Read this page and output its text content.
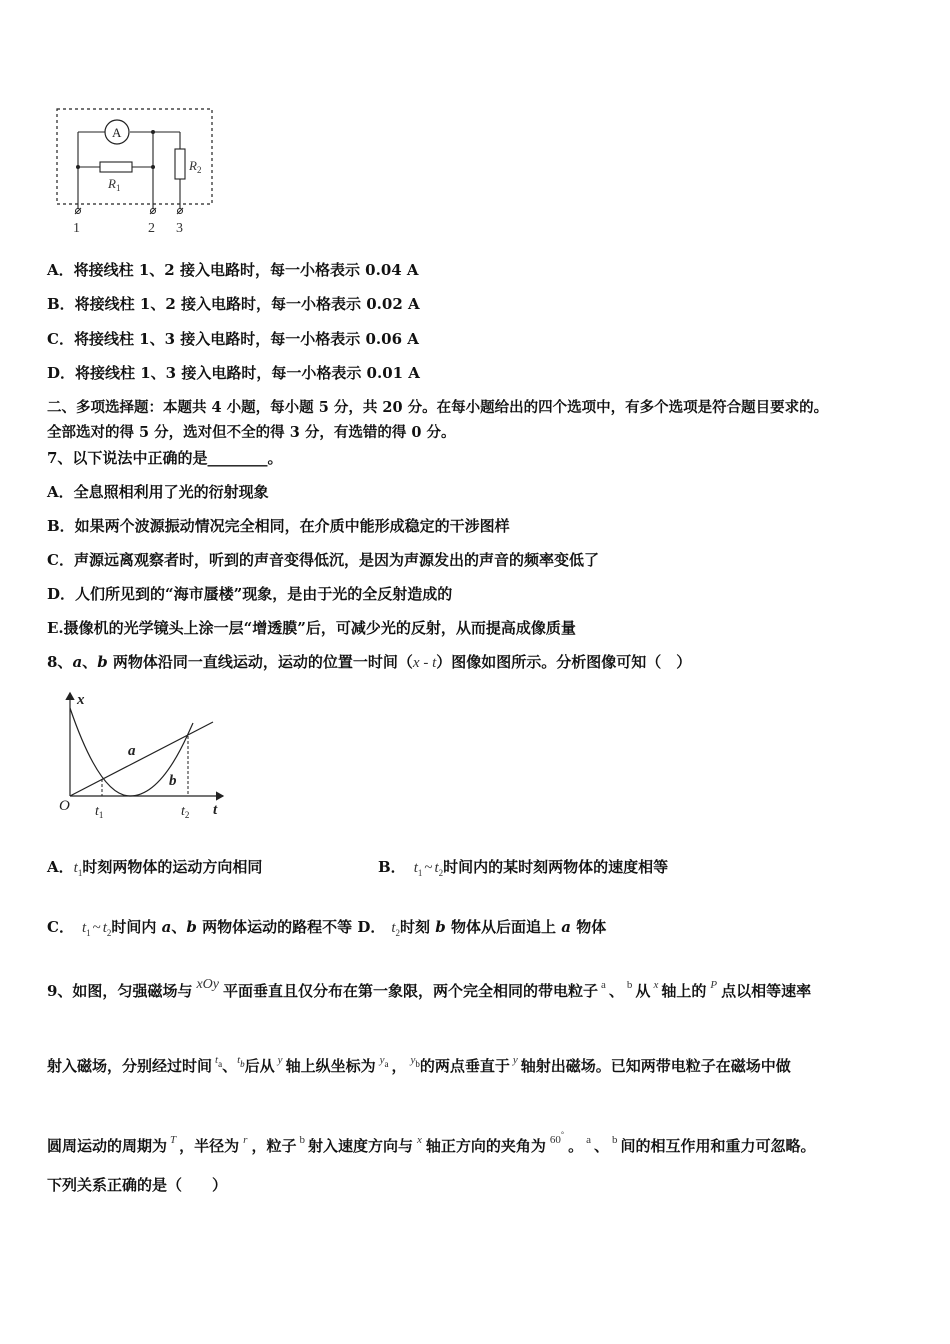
A
$R_1$
$R_2$
1	2 3
A．将接线柱 1、2 接入电路时，每一小格表示 0.04 A
B．将接线柱 1、2 接入电路时，每一小格表示 0.02 A
C．将接线柱 1、3 接入电路时，每一小格表示 0.06 A
D．将接线柱 1、3 接入电路时，每一小格表示 0.01 A
二、多项选择题：本题共 4 小题，每小题 5 分，共 20 分。在每小题给出的四个选项中，有多个选项是符合题目要求的。
全部选对的得 5 分，选对但不全的得 3 分，有选错的得 0 分。
7、以下说法中正确的是________。
A．全息照相利用了光的衍射现象
B．如果两个波源振动情况完全相同，在介质中能形成稳定的干涉图样
C．声源远离观察者时，听到的声音变得低沉，是因为声源发出的声音的频率变低了
D．人们所见到的“海市蜃楼”现象，是由于光的全反射造成的
E.摄像机的光学镜头上涂一层“增透膜”后，可减少光的反射，从而提高成像质量
8、a、b 两物体沿同一直线运动，运动的位置一时间（x - t）图像如图所示。分析图像可知（　）
x
t
O
a
b
$t_1$	$t_2$
A．$t_1$时刻两物体的运动方向相同	B． $t_1$ ~ $t_2$时间内的某时刻两物体的速度相等
C． $t_1$ ~ $t_2$时间内 a、b 两物体运动的路程不等 D． $t_2$时刻 b 物体从后面追上 a 物体
9、如图，匀强磁场与 xOy 平面垂直且仅分布在第一象限，两个完全相同的带电粒子 $^a$ 、 $^b$ 从 $^x$ 轴上的 $^P$ 点以相等速率
射入磁场，分别经过时间 $^{ta}$、$^{tb}$后从 $^y$ 轴上纵坐标为 $^{ya}$ ， $^{yb}$的两点垂直于 $^y$ 轴射出磁场。已知两带电粒子在磁场中做
圆周运动的周期为 $^T$ ，半径为 $^r$ ，粒子 $^b$ 射入速度方向与 $^x$ 轴正方向的夹角为 $^{60^\circ}$。 $^a$ 、 $^b$ 间的相互作用和重力可忽略。
下列关系正确的是（　　）
